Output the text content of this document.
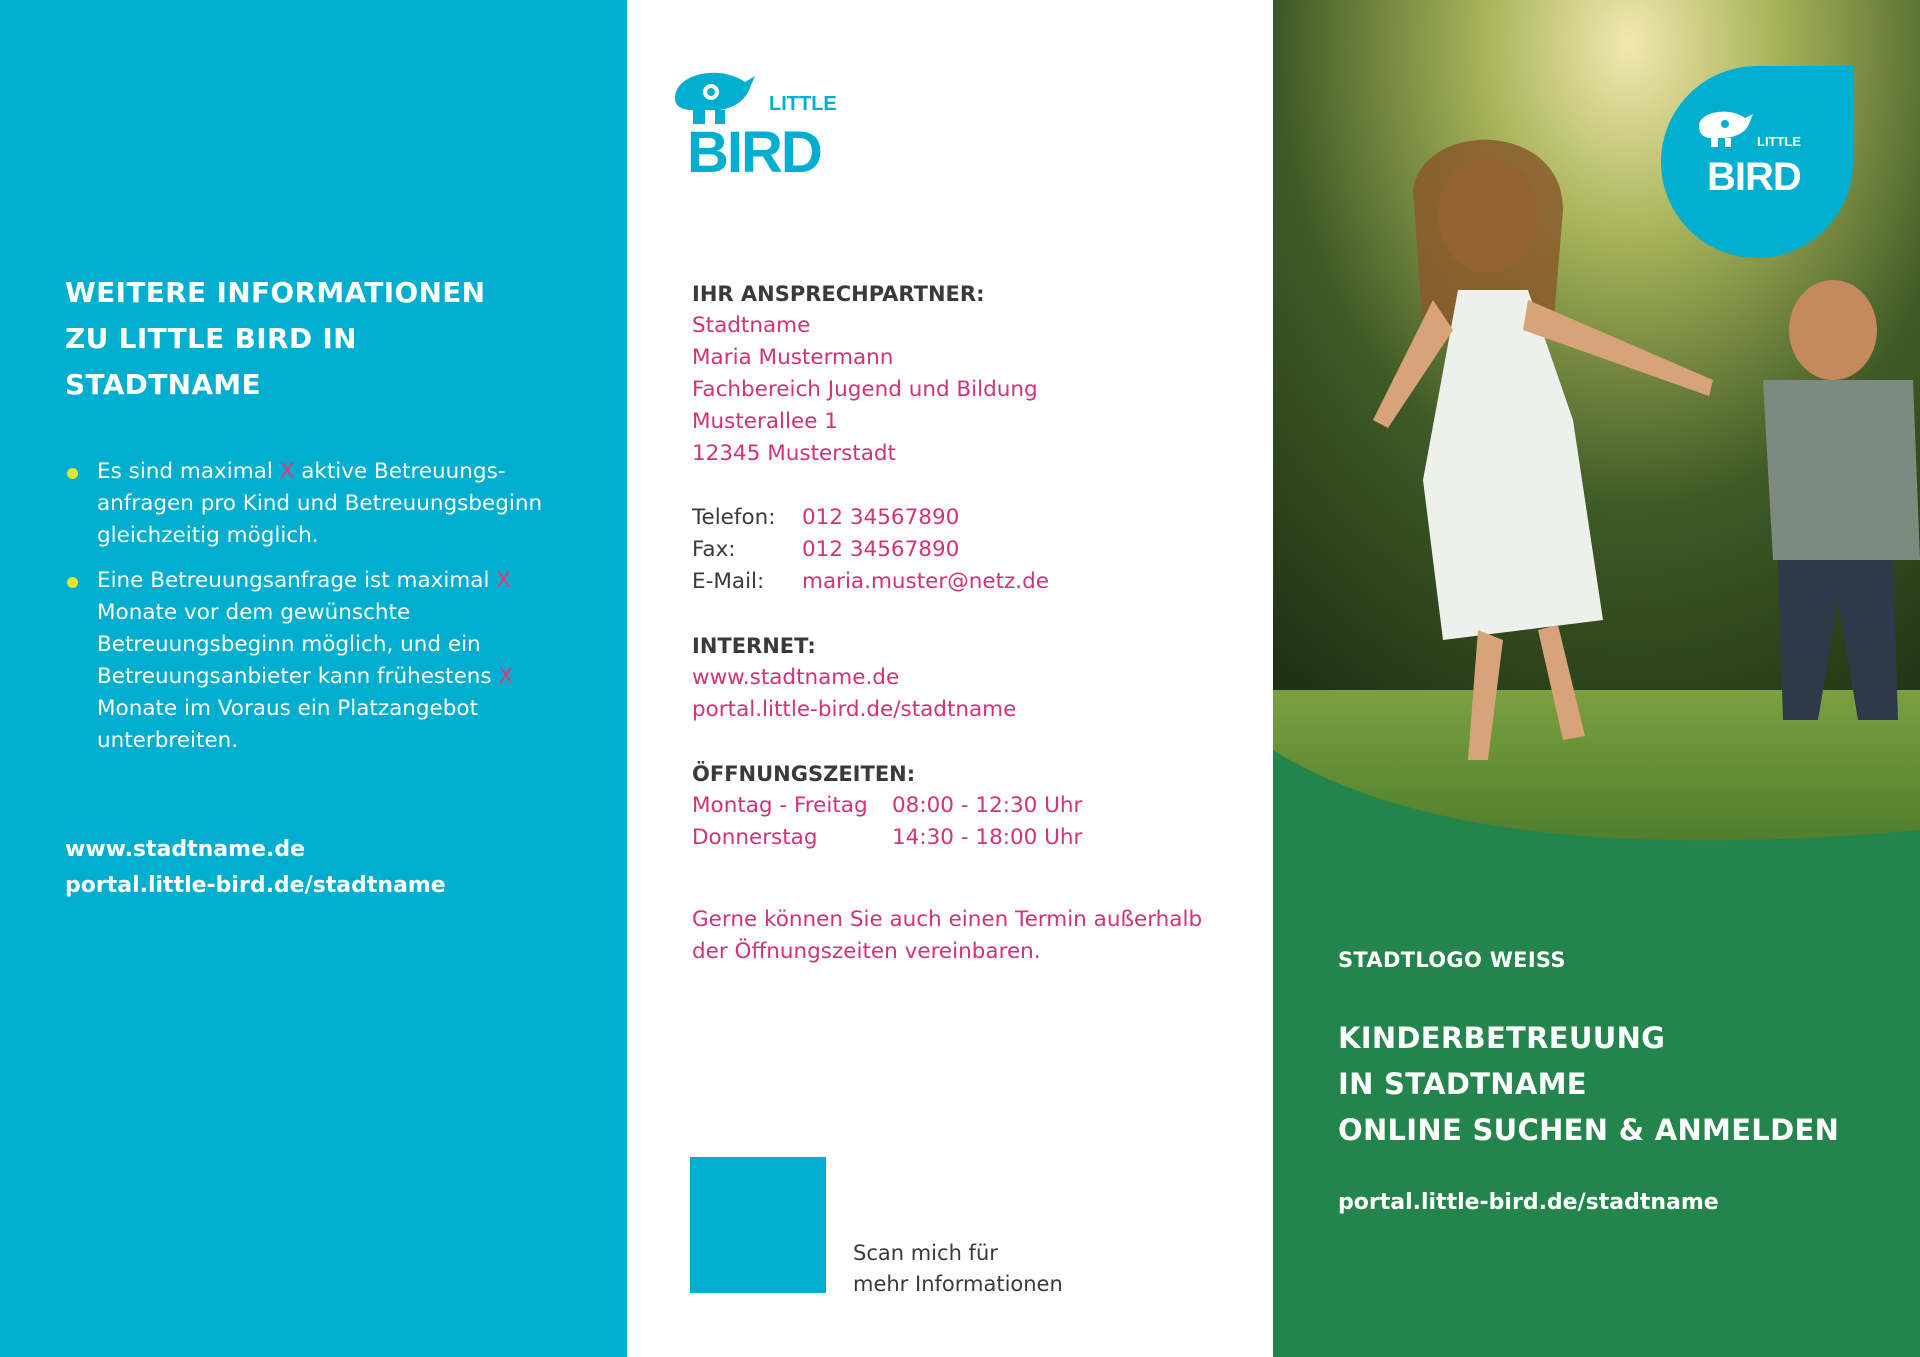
WEITERE INFORMATIONEN
ZU LITTLE BIRD IN
STADTNAME
Es sind maximal X aktive Betreuungs-anfragen pro Kind und Betreuungsbeginn gleichzeitig möglich.
Eine Betreuungsanfrage ist maximal X Monate vor dem gewünschte Betreuungsbeginn möglich, und ein Betreuungsanbieter kann frühestens X Monate im Voraus ein Platzangebot unterbreiten.
www.stadtname.de
portal.little-bird.de/stadtname
LITTLE
BIRD
IHR ANSPRECHPARTNER:
Stadtname
Maria Mustermann
Fachbereich Jugend und Bildung
Musterallee 1
12345 Musterstadt
Telefon:	012 34567890
Fax:	012 34567890
E-Mail:	maria.muster@netz.de
INTERNET:
www.stadtname.de
portal.little-bird.de/stadtname
ÖFFNUNGSZEITEN:
Montag - Freitag	08:00 - 12:30 Uhr
Donnerstag	14:30 - 18:00 Uhr
Gerne können Sie auch einen Termin außerhalb
der Öffnungszeiten vereinbaren.
Scan mich für
mehr Informationen
LITTLE
BIRD
STADTLOGO WEISS
KINDERBETREUUNG
IN STADTNAME
ONLINE SUCHEN & ANMELDEN
portal.little-bird.de/stadtname
